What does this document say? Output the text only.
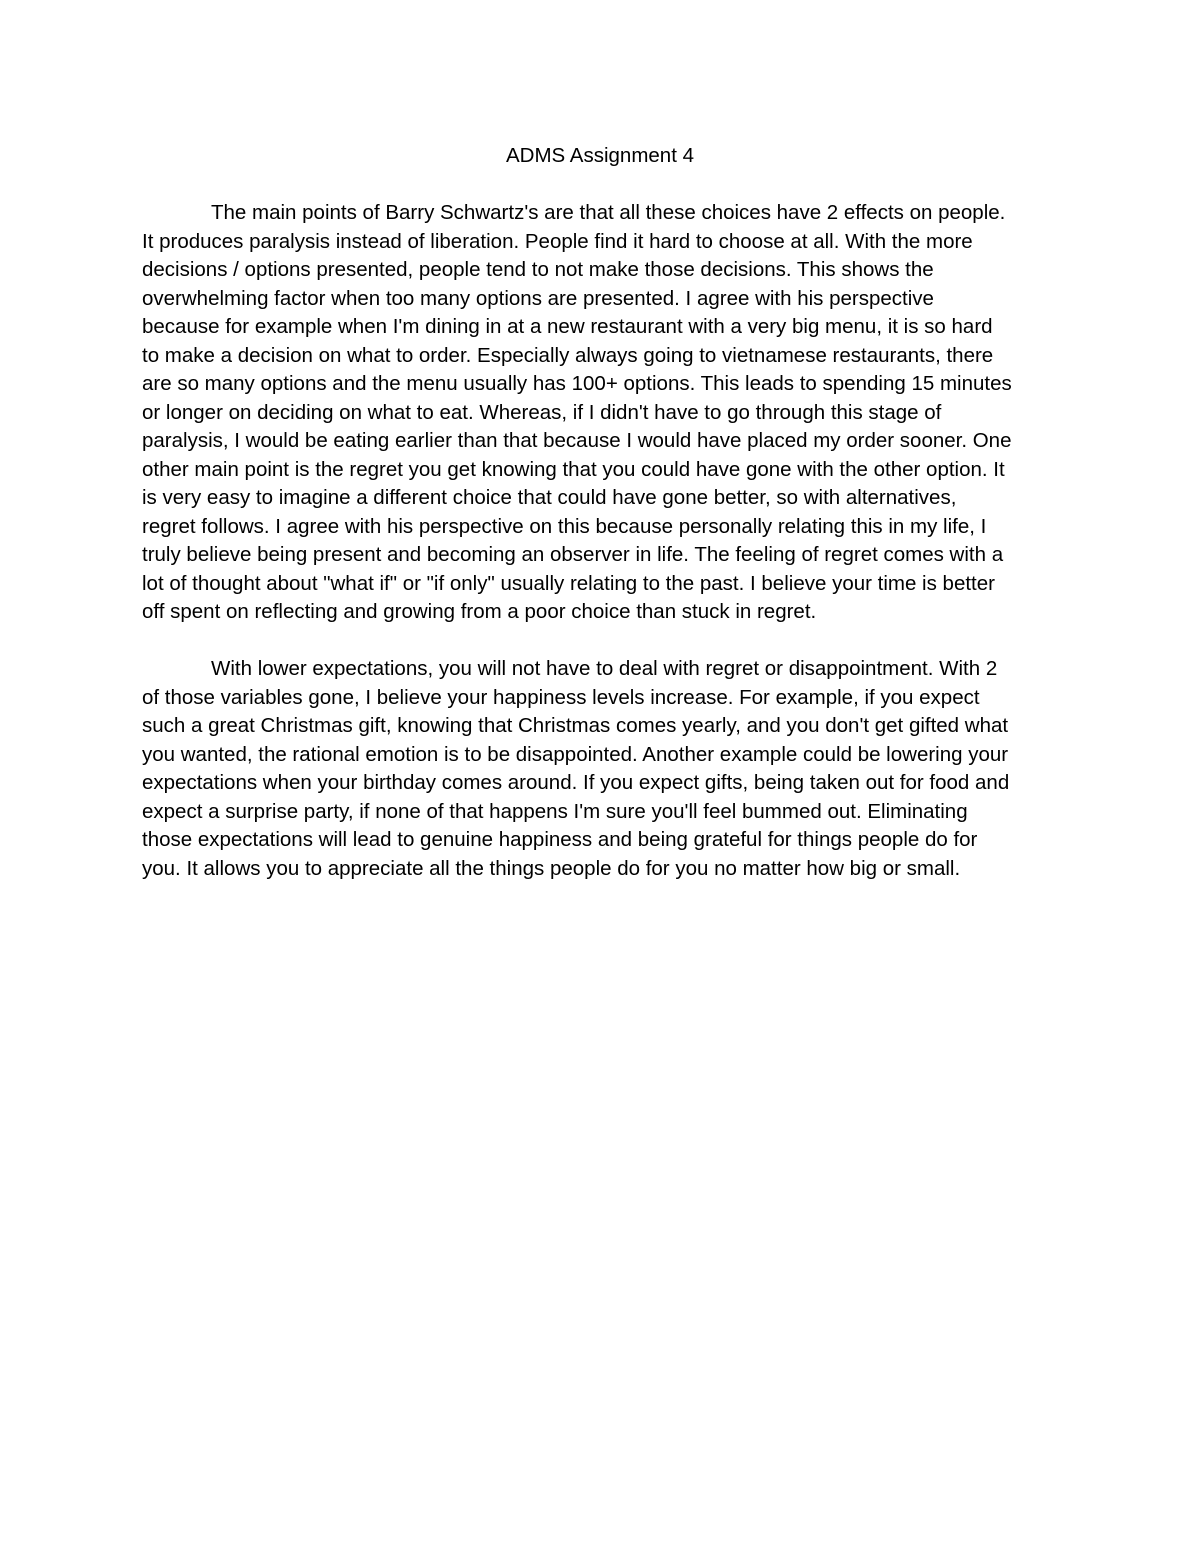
ADMS Assignment 4
The main points of Barry Schwartz's are that all these choices have 2 effects on people.
It produces paralysis instead of liberation. People find it hard to choose at all. With the more
decisions / options presented, people tend to not make those decisions. This shows the
overwhelming factor when too many options are presented. I agree with his perspective
because for example when I'm dining in at a new restaurant with a very big menu, it is so hard
to make a decision on what to order. Especially always going to vietnamese restaurants, there
are so many options and the menu usually has 100+ options. This leads to spending 15 minutes
or longer on deciding on what to eat. Whereas, if I didn't have to go through this stage of
paralysis, I would be eating earlier than that because I would have placed my order sooner. One
other main point is the regret you get knowing that you could have gone with the other option. It
is very easy to imagine a different choice that could have gone better, so with alternatives,
regret follows. I agree with his perspective on this because personally relating this in my life, I
truly believe being present and becoming an observer in life. The feeling of regret comes with a
lot of thought about "what if" or "if only" usually relating to the past. I believe your time is better
off spent on reflecting and growing from a poor choice than stuck in regret.
With lower expectations, you will not have to deal with regret or disappointment. With 2
of those variables gone, I believe your happiness levels increase. For example, if you expect
such a great Christmas gift, knowing that Christmas comes yearly, and you don't get gifted what
you wanted, the rational emotion is to be disappointed. Another example could be lowering your
expectations when your birthday comes around. If you expect gifts, being taken out for food and
expect a surprise party, if none of that happens I'm sure you'll feel bummed out. Eliminating
those expectations will lead to genuine happiness and being grateful for things people do for
you. It allows you to appreciate all the things people do for you no matter how big or small.
